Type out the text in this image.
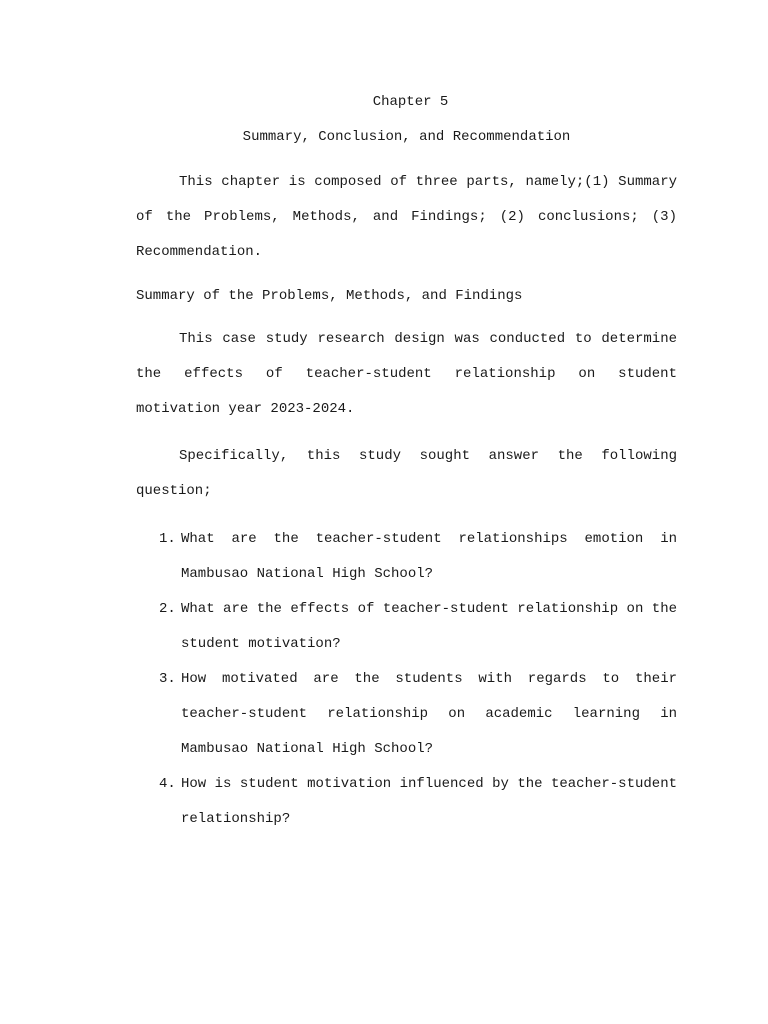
Chapter 5

Summary, Conclusion, and Recommendation

This chapter is composed of three parts, namely;(1) Summary of the Problems, Methods, and Findings; (2) conclusions; (3) Recommendation.

Summary of the Problems, Methods, and Findings

This case study research design was conducted to determine the effects of teacher-student relationship on student motivation year 2023-2024.

Specifically, this study sought answer the following question;

1. What are the teacher-student relationships emotion in Mambusao National High School?
2. What are the effects of teacher-student relationship on the student motivation?
3. How motivated are the students with regards to their teacher-student relationship on academic learning in Mambusao National High School?
4. How is student motivation influenced by the teacher-student relationship?
